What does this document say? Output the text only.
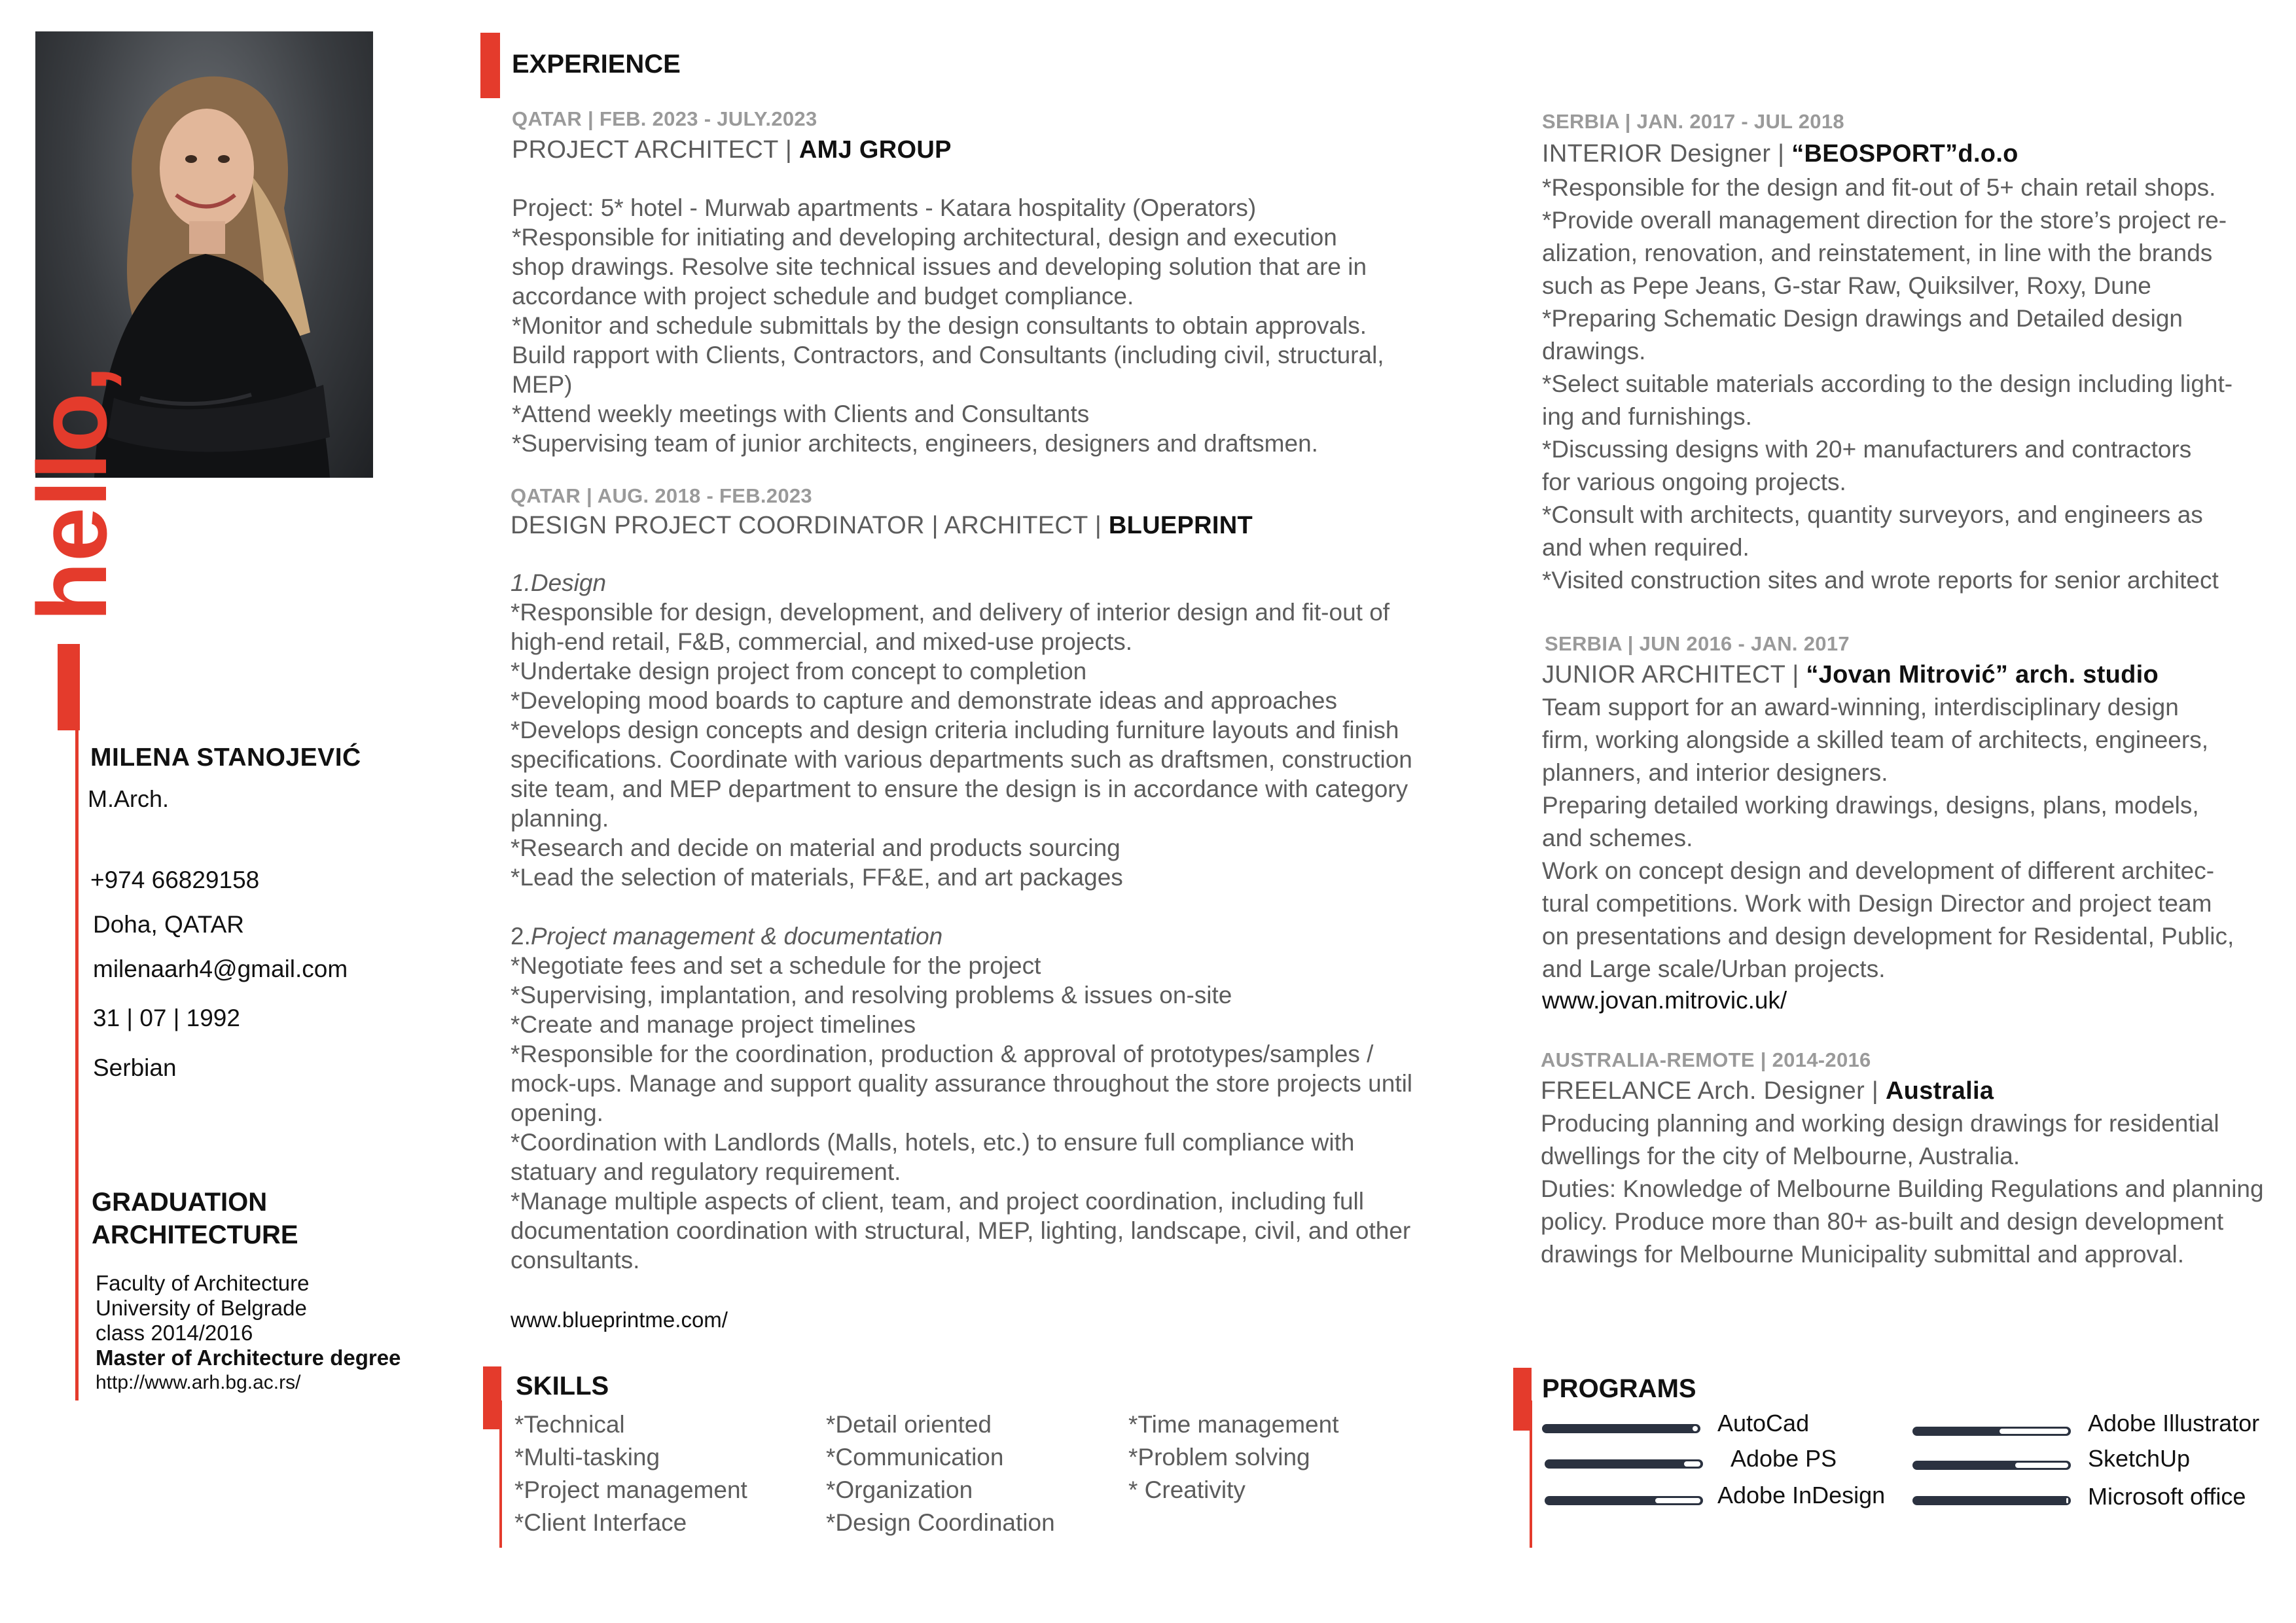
hello,
MILENA STANOJEVIĆ
M.Arch.
+974 66829158
Doha, QATAR
milenaarh4@gmail.com
31 | 07 | 1992
Serbian
GRADUATION
ARCHITECTURE
Faculty of Architecture
University of Belgrade
class 2014/2016
Master of Architecture degree
http://www.arh.bg.ac.rs/
EXPERIENCE
QATAR | FEB. 2023 - JULY.2023
PROJECT ARCHITECT | AMJ GROUP
Project: 5* hotel - Murwab apartments - Katara hospitality (Operators)
*Responsible for initiating and developing architectural, design and execution
shop drawings. Resolve site technical issues and developing solution that are in
accordance with project schedule and budget compliance.
*Monitor and schedule submittals by the design consultants to obtain approvals.
Build rapport with Clients, Contractors, and Consultants (including civil, structural,
MEP)
*Attend weekly meetings with Clients and Consultants
*Supervising team of junior architects, engineers, designers and draftsmen.
QATAR | AUG. 2018 - FEB.2023
DESIGN PROJECT COORDINATOR | ARCHITECT | BLUEPRINT
1.Design
*Responsible for design, development, and delivery of interior design and fit-out of
high-end retail, F&B, commercial, and mixed-use projects.
*Undertake design project from concept to completion
*Developing mood boards to capture and demonstrate ideas and approaches
*Develops design concepts and design criteria including furniture layouts and finish
specifications. Coordinate with various departments such as draftsmen, construction
site team, and MEP department to ensure the design is in accordance with category
planning.
*Research and decide on material and products sourcing
*Lead the selection of materials, FF&E, and art packages
2.Project management & documentation
*Negotiate fees and set a schedule for the project
*Supervising, implantation, and resolving problems & issues on-site
*Create and manage project timelines
*Responsible for the coordination, production & approval of prototypes/samples /
mock-ups. Manage and support quality assurance throughout the store projects until
opening.
*Coordination with Landlords (Malls, hotels, etc.) to ensure full compliance with
statuary and regulatory requirement.
*Manage multiple aspects of client, team, and project coordination, including full
documentation coordination with structural, MEP, lighting, landscape, civil, and other
consultants.
www.blueprintme.com/
SERBIA | JAN. 2017 - JUL 2018
INTERIOR Designer | “BEOSPORT”d.o.o
*Responsible for the design and fit-out of 5+ chain retail shops.
*Provide overall management direction for the store’s project re-
alization, renovation, and reinstatement, in line with the brands
such as Pepe Jeans, G-star Raw, Quiksilver, Roxy, Dune
*Preparing Schematic Design drawings and Detailed design
drawings.
*Select suitable materials according to the design including light-
ing and furnishings.
*Discussing designs with 20+ manufacturers and contractors
for various ongoing projects.
*Consult with architects, quantity surveyors, and engineers as
and when required.
*Visited construction sites and wrote reports for senior architect
SERBIA | JUN 2016 - JAN. 2017
JUNIOR ARCHITECT | “Jovan Mitrović” arch. studio
Team support for an award-winning, interdisciplinary design
firm, working alongside a skilled team of architects, engineers,
planners, and interior designers.
Preparing detailed working drawings, designs, plans, models,
and schemes.
Work on concept design and development of different architec-
tural competitions. Work with Design Director and project team
on presentations and design development for Residental, Public,
and Large scale/Urban projects.
www.jovan.mitrovic.uk/
AUSTRALIA-REMOTE | 2014-2016
FREELANCE Arch. Designer | Australia
Producing planning and working design drawings for residential
dwellings for the city of Melbourne, Australia.
Duties: Knowledge of Melbourne Building Regulations and planning
policy. Produce more than 80+ as-built and design development
drawings for Melbourne Municipality submittal and approval.
SKILLS
*Technical
*Multi-tasking
*Project management
*Client Interface
*Detail oriented
*Communication
*Organization
*Design Coordination
*Time management
*Problem solving
* Creativity
PROGRAMS
AutoCad
Adobe PS
Adobe InDesign
Adobe Illustrator
SketchUp
Microsoft office
